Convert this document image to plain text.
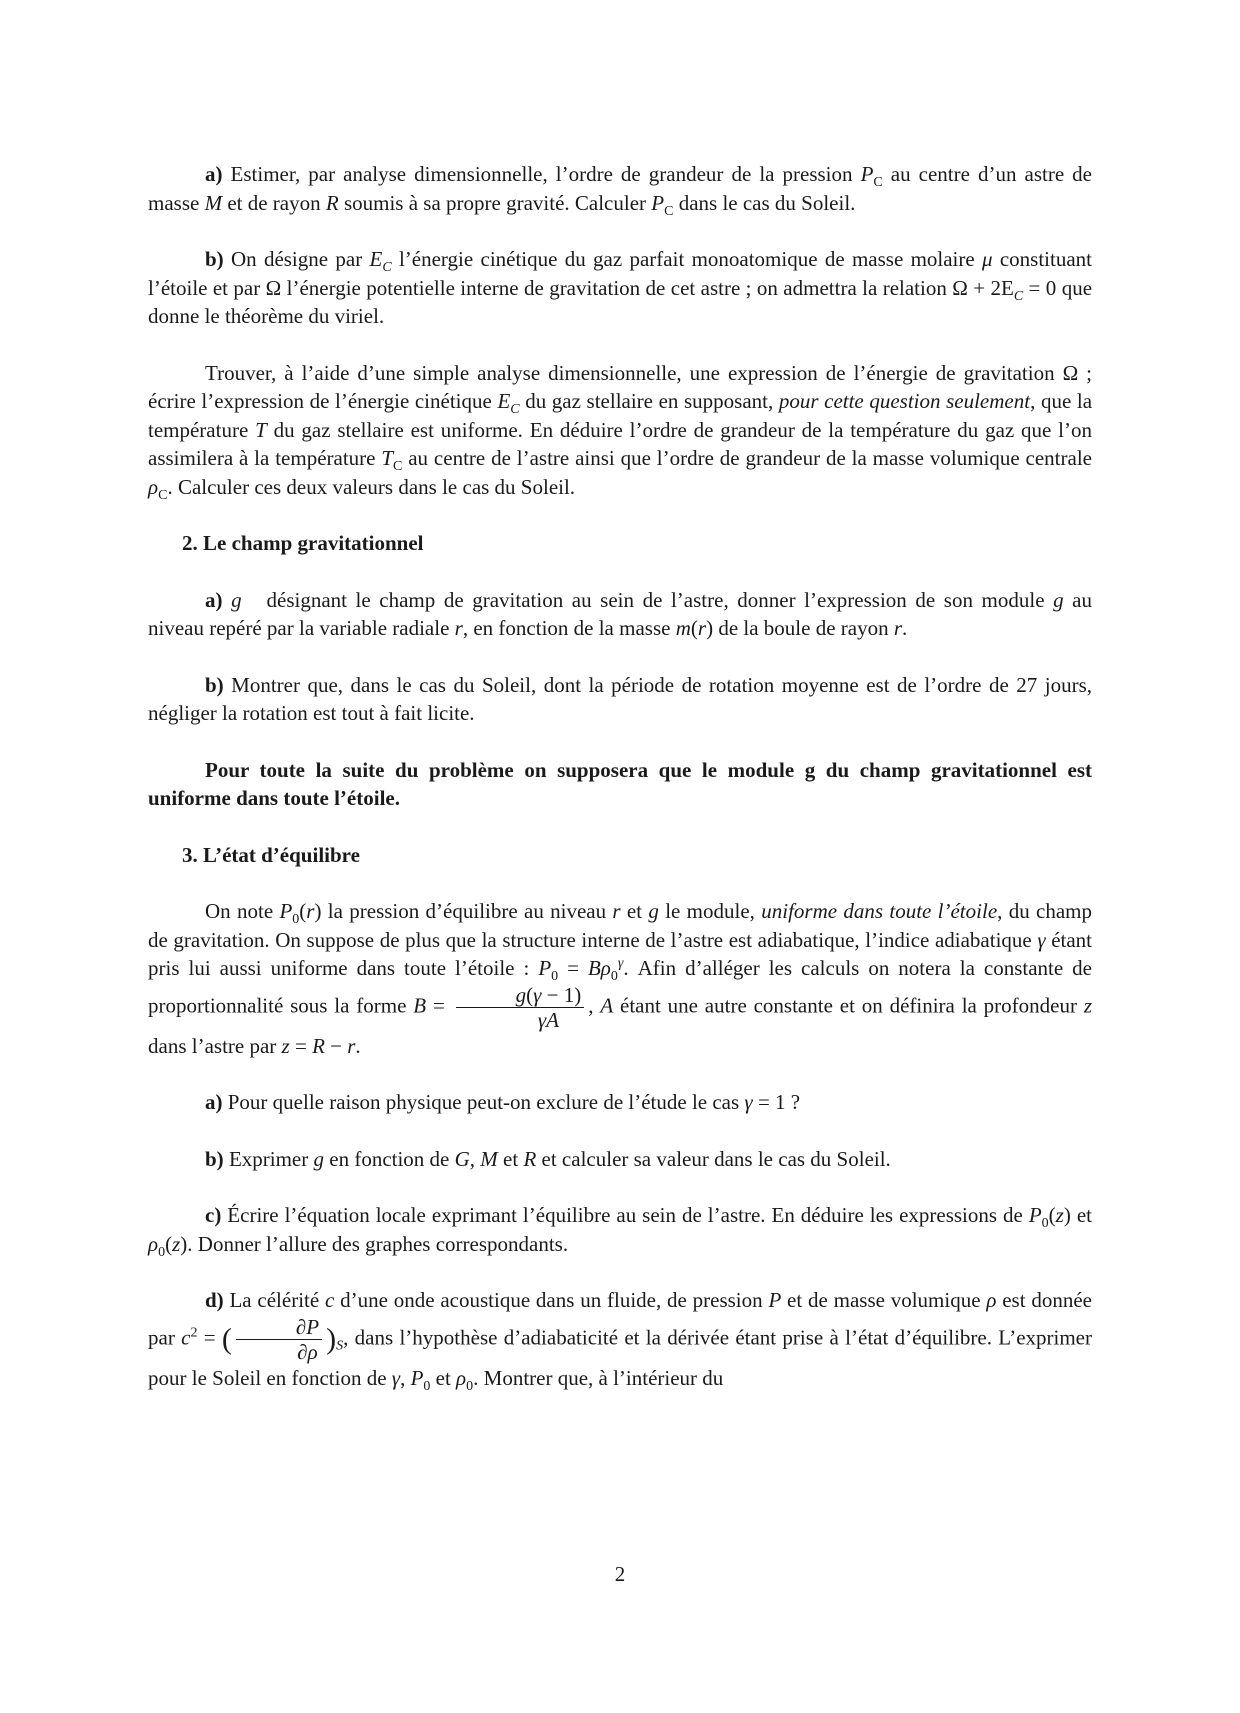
a) Estimer, par analyse dimensionnelle, l’ordre de grandeur de la pression $P_C$ au centre d’un astre de masse M et de rayon R soumis à sa propre gravité. Calculer $P_C$ dans le cas du Soleil.

b) On désigne par $E_C$ l’énergie cinétique du gaz parfait monoatomique de masse molaire μ constituant l’étoile et par Ω l’énergie potentielle interne de gravitation de cet astre ; on admettra la relation $\Omega + 2E_C = 0$ que donne le théorème du viriel.

Trouver, à l’aide d’une simple analyse dimensionnelle, une expression de l’énergie de gravitation Ω ; écrire l’expression de l’énergie cinétique $E_C$ du gaz stellaire en supposant, pour cette question seulement, que la température T du gaz stellaire est uniforme. En déduire l’ordre de grandeur de la température du gaz que l’on assimilera à la température $T_C$ au centre de l’astre ainsi que l’ordre de grandeur de la masse volumique centrale $\rho_C$. Calculer ces deux valeurs dans le cas du Soleil.

2. Le champ gravitationnel

a) g⃗ désignant le champ de gravitation au sein de l’astre, donner l’expression de son module g au niveau repéré par la variable radiale r, en fonction de la masse m(r) de la boule de rayon r.

b) Montrer que, dans le cas du Soleil, dont la période de rotation moyenne est de l’ordre de 27 jours, négliger la rotation est tout à fait licite.

Pour toute la suite du problème on supposera que le module g du champ gravitationnel est uniforme dans toute l’étoile.

3. L’état d’équilibre

On note $P_0(r)$ la pression d’équilibre au niveau r et g le module, uniforme dans toute l’étoile, du champ de gravitation. On suppose de plus que la structure interne de l’astre est adiabatique, l’indice adiabatique γ étant pris lui aussi uniforme dans toute l’étoile : $P_0 = B\rho_0^\gamma$. Afin d’alléger les calculs on notera la constante de proportionnalité sous la forme $B = \frac{g(\gamma - 1)}{\gamma A}$ , A étant une autre constante et on définira la profondeur z dans l’astre par z = R − r.

a) Pour quelle raison physique peut-on exclure de l’étude le cas γ = 1 ?

b) Exprimer g en fonction de G, M et R et calculer sa valeur dans le cas du Soleil.

c) Écrire l’équation locale exprimant l’équilibre au sein de l’astre. En déduire les expressions de $P_0(z)$ et $\rho_0(z)$. Donner l’allure des graphes correspondants.

d) La célérité c d’une onde acoustique dans un fluide, de pression P et de masse volumique ρ est donnée par $c^2$ = ( $\frac{\partial P}{\partial\rho} )_S$, dans l’hypothèse d’adiabaticité et la dérivée étant prise à l’état d’équilibre. L’exprimer pour le Soleil en fonction de γ, $P_0$ et $\rho_0$. Montrer que, à l’intérieur du

2
